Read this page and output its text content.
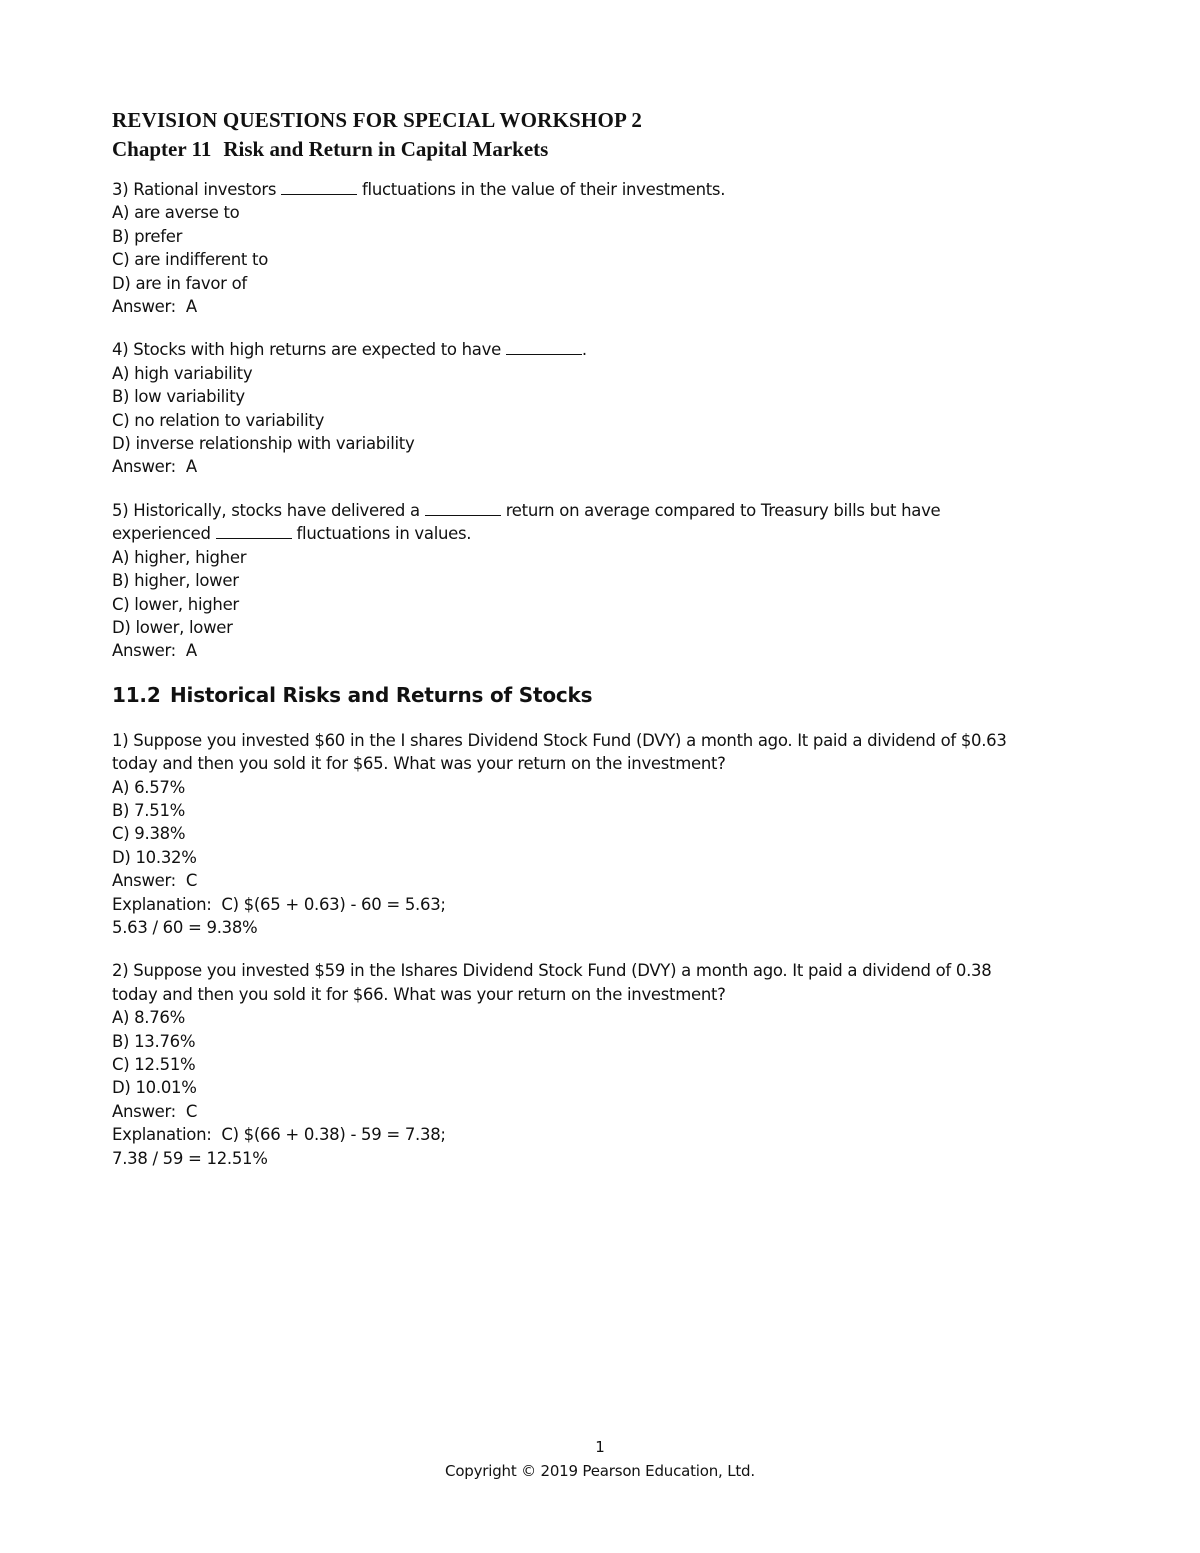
REVISION QUESTIONS FOR SPECIAL WORKSHOP 2
Chapter 11 Risk and Return in Capital Markets

3) Rational investors	fluctuations in the value of their investments.

A) are averse to
B) prefer
C) are indifferent to
D) are in favor of
Answer:  A

4) Stocks with high returns are expected to have	.

A) high variability
B) low variability
C) no relation to variability
D) inverse relationship with variability
Answer:  A

5) Historically, stocks have delivered a	return on average compared to Treasury bills but have
experienced	fluctuations in values.

A) higher, higher
B) higher, lower
C) lower, higher
D) lower, lower
Answer:  A
11.2 Historical Risks and Returns of Stocks
1) Suppose you invested $60 in the I shares Dividend Stock Fund (DVY) a month ago. It paid a dividend of $0.63
today and then you sold it for $65. What was your return on the investment?
A) 6.57%
B) 7.51%
C) 9.38%
D) 10.32%
Answer:  C
Explanation:  C) $(65 + 0.63) - 60 = 5.63;
5.63 / 60 = 9.38%
2) Suppose you invested $59 in the Ishares Dividend Stock Fund (DVY) a month ago. It paid a dividend of 0.38
today and then you sold it for $66. What was your return on the investment?
A) 8.76%
B) 13.76%
C) 12.51%
D) 10.01%
Answer:  C
Explanation:  C) $(66 + 0.38) - 59 = 7.38;
7.38 / 59 = 12.51%
1
Copyright © 2019 Pearson Education, Ltd.
